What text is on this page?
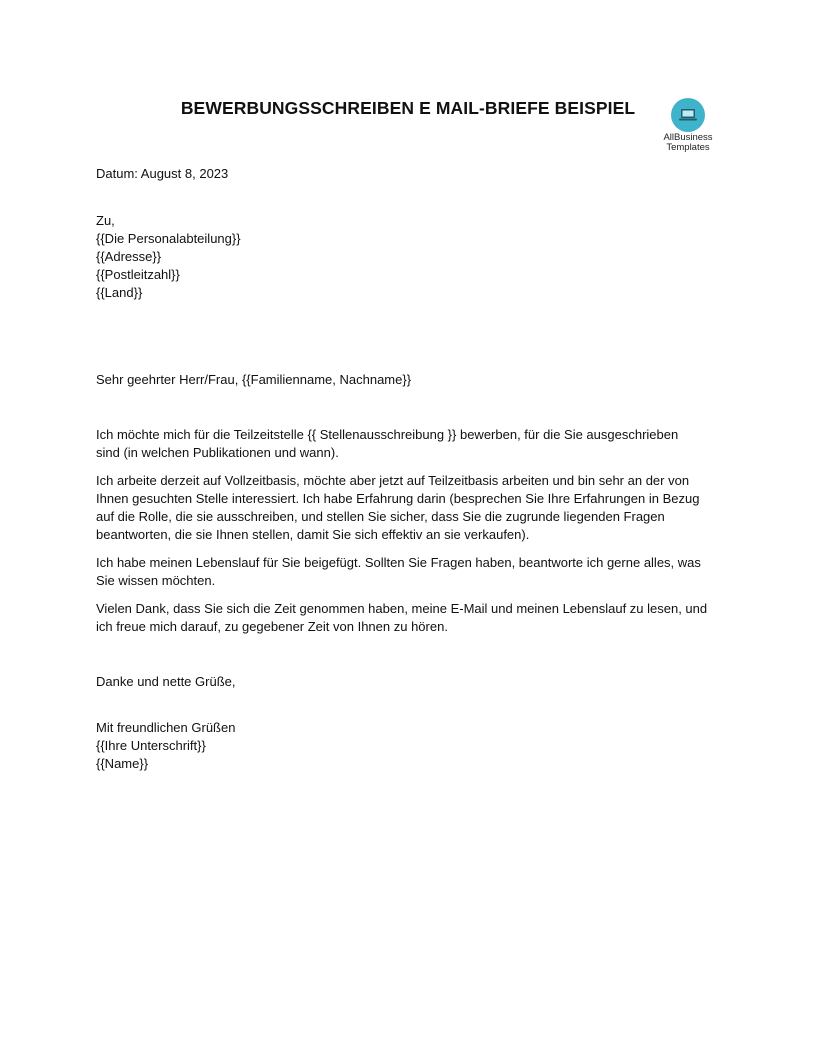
BEWERBUNGSSCHREIBEN E MAIL-BRIEFE BEISPIEL
AllBusiness
Templates
Datum: August 8, 2023
Zu,
{{Die Personalabteilung}}
{{Adresse}}
{{Postleitzahl}}
{{Land}}
Sehr geehrter Herr/Frau, {{Familienname, Nachname}}
Ich möchte mich für die Teilzeitstelle {{ Stellenausschreibung }} bewerben, für die Sie ausgeschrieben
sind (in welchen Publikationen und wann).
Ich arbeite derzeit auf Vollzeitbasis, möchte aber jetzt auf Teilzeitbasis arbeiten und bin sehr an der von
Ihnen gesuchten Stelle interessiert. Ich habe Erfahrung darin (besprechen Sie Ihre Erfahrungen in Bezug
auf die Rolle, die sie ausschreiben, und stellen Sie sicher, dass Sie die zugrunde liegenden Fragen
beantworten, die sie Ihnen stellen, damit Sie sich effektiv an sie verkaufen).
Ich habe meinen Lebenslauf für Sie beigefügt. Sollten Sie Fragen haben, beantworte ich gerne alles, was
Sie wissen möchten.
Vielen Dank, dass Sie sich die Zeit genommen haben, meine E-Mail und meinen Lebenslauf zu lesen, und
ich freue mich darauf, zu gegebener Zeit von Ihnen zu hören.
Danke und nette Grüße,
Mit freundlichen Grüßen
{{Ihre Unterschrift}}
{{Name}}
